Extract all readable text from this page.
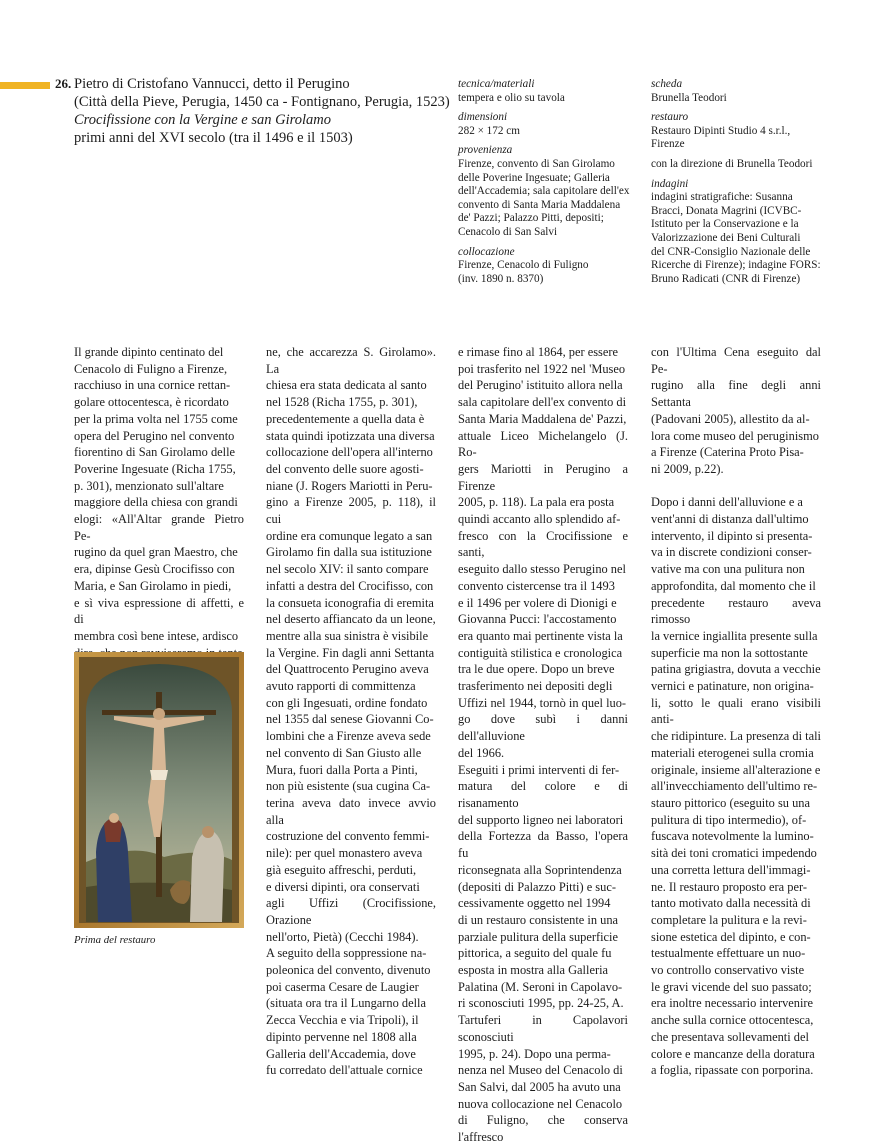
26. Pietro di Cristofano Vannucci, detto il Perugino
(Città della Pieve, Perugia, 1450 ca - Fontignano, Perugia, 1523)
Crocifissione con la Vergine e san Girolamo
primi anni del XVI secolo (tra il 1496 e il 1503)
tecnica/materiali
tempera e olio su tavola
dimensioni
282 × 172 cm
provenienza
Firenze, convento di San Girolamo
delle Poverine Ingesuate; Galleria
dell'Accademia; sala capitolare dell'ex
convento di Santa Maria Maddalena
de' Pazzi; Palazzo Pitti, depositi;
Cenacolo di San Salvi
collocazione
Firenze, Cenacolo di Fuligno
(inv. 1890 n. 8370)
scheda
Brunella Teodori
restauro
Restauro Dipinti Studio 4 s.r.l.,
Firenze
con la direzione di Brunella Teodori
indagini
indagini stratigrafiche: Susanna
Bracci, Donata Magrini (ICVBC-
Istituto per la Conservazione e la
Valorizzazione dei Beni Culturali
del CNR-Consiglio Nazionale delle
Ricerche di Firenze); indagine FORS:
Bruno Radicati (CNR di Firenze)
Il grande dipinto centinato del
Cenacolo di Fuligno a Firenze,
racchiuso in una cornice rettan-
golare ottocentesca, è ricordato
per la prima volta nel 1755 come
opera del Perugino nel convento
fiorentino di San Girolamo delle
Poverine Ingesuate (Richa 1755,
p. 301), menzionato sull'altare
maggiore della chiesa con grandi
elogi: «All'Altar grande Pietro Pe-
rugino da quel gran Maestro, che
era, dipinse Gesù Crocifisso con
Maria, e San Girolamo in piedi,
e sì viva espressione di affetti, e di
membra così bene intese, ardisco

ne, che accarezza S. Girolamo». La
chiesa era stata dedicata al santo
nel 1528 (Richa 1755, p. 301),
precedentemente a quella data è
stata quindi ipotizzata una diversa
collocazione dell'opera all'interno
del convento delle suore agosti-
niane (J. Rogers Mariotti in Peru-
gino a Firenze 2005, p. 118), il cui
ordine era comunque legato a san
Girolamo fin dalla sua istituzione
nel secolo XIV: il santo compare
infatti a destra del Crocifisso, con
la consueta iconografia di eremita
nel deserto affiancato da un leone,
mentre alla sua sinistra è visibile
la Vergine. Fin dagli anni Settanta
del Quattrocento Perugino aveva
avuto rapporti di committenza
con gli Ingesuati, ordine fondato
nel 1355 dal senese Giovanni Co-
lombini che a Firenze aveva sede
nel convento di San Giusto alle
Mura, fuori dalla Porta a Pinti,
non più esistente (sua cugina Ca-
terina aveva dato invece avvio alla
costruzione del convento femmi-
nile): per quel monastero aveva
già eseguito affreschi, perduti,
e diversi dipinti, ora conservati
agli Uffizi (Crocifissione, Orazione
nell'orto, Pietà) (Cecchi 1984).
A seguito della soppressione na-
poleonica del convento, divenuto
poi caserma Cesare de Laugier
(situata ora tra il Lungarno della
Zecca Vecchia e via Tripoli), il
dipinto pervenne nel 1808 alla
Galleria dell'Accademia, dove
fu corredato dell'attuale cornice
e rimase fino al 1864, per essere
poi trasferito nel 1922 nel 'Museo
del Perugino' istituito allora nella
sala capitolare dell'ex convento di
Santa Maria Maddalena de' Pazzi,
attuale Liceo Michelangelo (J. Ro-
gers Mariotti in Perugino a Firenze
2005, p. 118). La pala era posta
quindi accanto allo splendido af-
fresco con la Crocifissione e santi,
eseguito dallo stesso Perugino nel
convento cistercense tra il 1493
e il 1496 per volere di Dionigi e
Giovanna Pucci: l'accostamento
era quanto mai pertinente vista la
contiguità stilistica e cronologica
tra le due opere. Dopo un breve
trasferimento nei depositi degli
Uffizi nel 1944, tornò in quel luo-
go dove subì i danni dell'alluvione
del 1966.
Eseguiti i primi interventi di fer-
matura del colore e di risanamento
del supporto ligneo nei laboratori
della Fortezza da Basso, l'opera fu
riconsegnata alla Soprintendenza
(depositi di Palazzo Pitti) e suc-
cessivamente oggetto nel 1994
di un restauro consistente in una
parziale pulitura della superficie
pittorica, a seguito del quale fu
esposta in mostra alla Galleria
Palatina (M. Seroni in Capolavo-
ri sconosciuti 1995, pp. 24-25, A.
Tartuferi in Capolavori sconosciuti
1995, p. 24). Dopo una perma-
nenza nel Museo del Cenacolo di
San Salvi, dal 2005 ha avuto una
nuova collocazione nel Cenacolo
di Fuligno, che conserva l'affresco
con l'Ultima Cena eseguito dal Pe-
rugino alla fine degli anni Settanta
(Padovani 2005), allestito da al-
lora come museo del peruginismo
a Firenze (Caterina Proto Pisa-
ni 2009, p.22).

Dopo i danni dell'alluvione e a
vent'anni di distanza dall'ultimo
intervento, il dipinto si presenta-
va in discrete condizioni conser-
vative ma con una pulitura non
approfondita, dal momento che il
precedente restauro aveva rimosso
la vernice ingiallita presente sulla
superficie ma non la sottostante
patina grigiastra, dovuta a vecchie
vernici e patinature, non origina-
li, sotto le quali erano visibili anti-
che ridipinture. La presenza di tali
materiali eterogenei sulla cromia
originale, insieme all'alterazione e
all'invecchiamento dell'ultimo re-
stauro pittorico (eseguito su una
pulitura di tipo intermedio), of-
fuscava notevolmente la lumino-
sità dei toni cromatici impedendo
una corretta lettura dell'immagi-
ne. Il restauro proposto era per-
tanto motivato dalla necessità di
completare la pulitura e la revi-
sione estetica del dipinto, e con-
testualmente effettuare un nuo-
vo controllo conservativo viste
le gravi vicende del suo passato;
era inoltre necessario intervenire
anche sulla cornice ottocentesca,
che presentava sollevamenti del
colore e mancanze della doratura
a foglia, ripassate con porporina.
Prima del restauro
